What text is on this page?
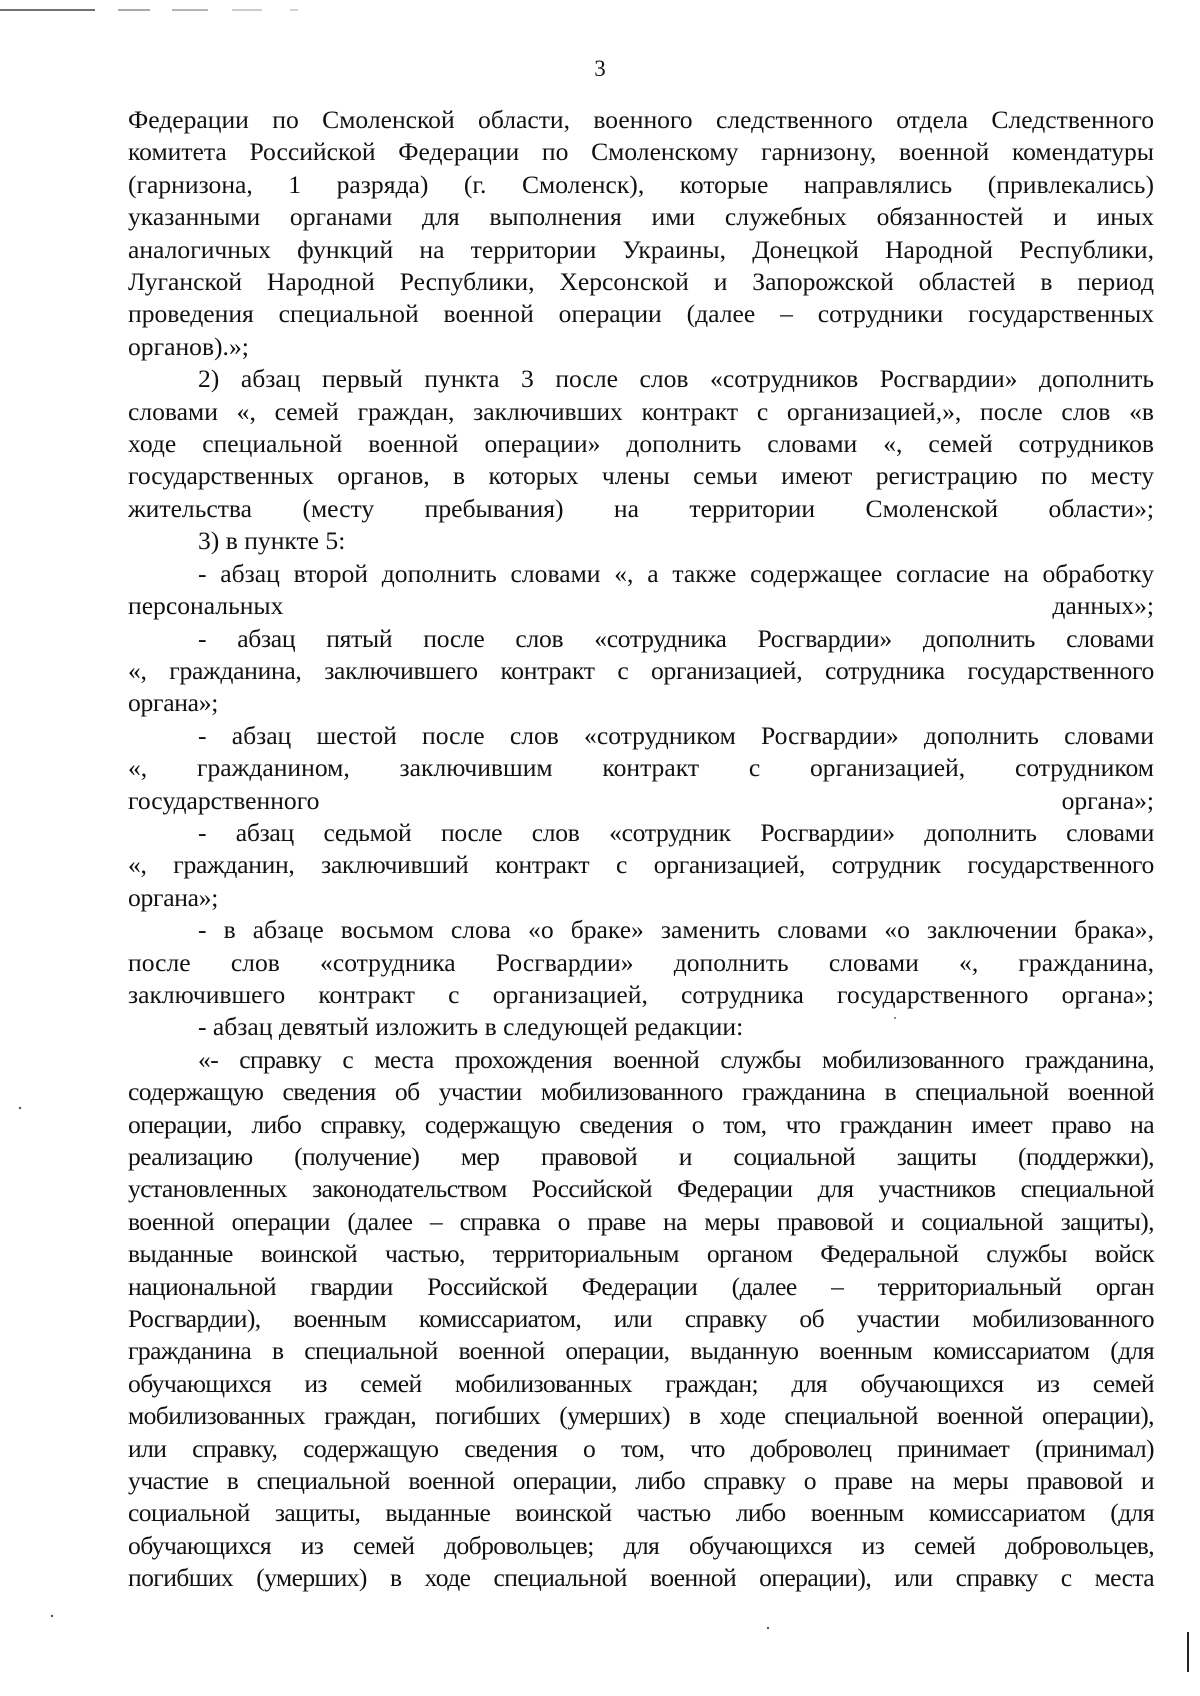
3

Федерации по Смоленской области, военного следственного отдела Следственного
комитета Российской Федерации по Смоленскому гарнизону, военной комендатуры
(гарнизона, 1 разряда) (г. Смоленск), которые направлялись (привлекались)
указанными органами для выполнения ими служебных обязанностей и иных
аналогичных функций на территории Украины, Донецкой Народной Республики,
Луганской Народной Республики, Херсонской и Запорожской областей в период
проведения специальной военной операции (далее – сотрудники государственных
органов).»;

2) абзац первый пункта 3 после слов «сотрудников Росгвардии» дополнить
словами «, семей граждан, заключивших контракт с организацией,», после слов «в
ходе специальной военной операции» дополнить словами «, семей сотрудников
государственных органов, в которых члены семьи имеют регистрацию по месту
жительства (месту пребывания) на территории Смоленской области»;

3) в пункте 5:

- абзац второй дополнить словами «, а также содержащее согласие на обработку
персональных данных»;

- абзац пятый после слов «сотрудника Росгвардии» дополнить словами
«, гражданина, заключившего контракт с организацией, сотрудника государственного
органа»;

- абзац шестой после слов «сотрудником Росгвардии» дополнить словами
«, гражданином, заключившим контракт с организацией, сотрудником
государственного органа»;

- абзац седьмой после слов «сотрудник Росгвардии» дополнить словами
«, гражданин, заключивший контракт с организацией, сотрудник государственного
органа»;

- в абзаце восьмом слова «о браке» заменить словами «о заключении брака»,
после слов «сотрудника Росгвардии» дополнить словами «, гражданина,
заключившего контракт с организацией, сотрудника государственного органа»;

- абзац девятый изложить в следующей редакции:

«- справку с места прохождения военной службы мобилизованного гражданина,
содержащую сведения об участии мобилизованного гражданина в специальной военной
операции, либо справку, содержащую сведения о том, что гражданин имеет право на
реализацию (получение) мер правовой и социальной защиты (поддержки),
установленных законодательством Российской Федерации для участников специальной
военной операции (далее – справка о праве на меры правовой и социальной защиты),
выданные воинской частью, территориальным органом Федеральной службы войск
национальной гвардии Российской Федерации (далее – территориальный орган
Росгвардии), военным комиссариатом, или справку об участии мобилизованного
гражданина в специальной военной операции, выданную военным комиссариатом (для
обучающихся из семей мобилизованных граждан; для обучающихся из семей
мобилизованных граждан, погибших (умерших) в ходе специальной военной операции),
или справку, содержащую сведения о том, что доброволец принимает (принимал)
участие в специальной военной операции, либо справку о праве на меры правовой и
социальной защиты, выданные воинской частью либо военным комиссариатом (для
обучающихся из семей добровольцев; для обучающихся из семей добровольцев,
погибших (умерших) в ходе специальной военной операции), или справку с места
